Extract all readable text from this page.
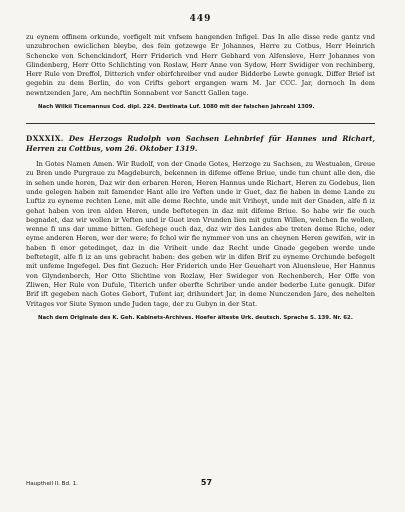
449

zu eynem offinem orkunde, vorfigelt mit vnfsem hangenden Infigel. Das In alle disse rede gantz vnd unzubrochen ewiclichen bleybe, des fein getzewge Er Johannes, Herre zu Cotbus, Herr Heinrich Schencke von Schenckindorf, Herr Friderich vnd Herr Gebhard von Alfensleve, Herr Johannes von Glindenberg, Herr Otto Schlichting von Roslaw, Herr Anne von Sydow, Herr Swidiger von rechinberg, Herr Rule von Dreffol, Ditterich vnfer obirfchreiber vnd auder Bidderbe Lewte genugk. Differ Brief ist gegebin zu dem Berlin, do von Crifts gebort ergangen warn M. Jar CCC. Jar, dornoch In dem newntzenden Jare, Am nechftin Sonnabent vor Sanctt Gallen tage.

Nach Wilkii Ticemannus Cod. dipl. 224. Destinata Luf. 1080 mit der falschen Jahrzahl 1309.

DXXXIX. Des Herzogs Rudolph von Sachsen Lehnbrief für Hannes und Richart, Herren zu Cottbus, vom 26. Oktober 1319.

In Gotes Namen Amen. Wir Rudolf, von der Gnade Gotes, Herzoge zu Sachsen, zu Westualen, Greue zu Bren unde Purgraue zu Magdeburch, bekennen in difeme offene Briue, unde tun chunt alle den, die in sehen unde horen, Daz wir den erbaren Heren, Heren Hannus unde Richart, Heren zu Godebus, lien unde gelegen haben mit famender Hant alle ire Veften unde ir Guet, daz fie haben in deme Lande zu Luftiz zu eyneme rechten Lene, mit alle deme Rechte, unde mit Vriheyt, unde mit der Gnaden, alfe fi iz gehat haben von iren alden Heren, unde beftetegen in daz mit difeme Briue. So habe wir fie ouch begnadet, daz wir wollen ir Veften und ir Guet iren Vrunden lien mit guten Willen, welchen fie wollen, wenne fi uns dar umme bitten. Gefchege ouch daz, daz wir des Landes abe treten deme Riche, oder eyme anderen Heren, wer der were; fo fchol wir fie nymmer von uns an cheynen Heren gewifen, wir in haben fi enor getedinget, daz in die Vriheit unde daz Recht unde Gnade gegeben werde unde beftetegit, alfe fi iz an uns gebracht haben: des geben wir in difen Brif zu eyneme Orchunde befegelt mit unfeme Ingefegel. Des fint Gezuch: Her Friderich unde Her Geuehart von Aluensleue, Her Hannus von Glyndenberch, Her Otto Slichtine von Rozlaw, Her Swideger von Rechenberch, Her Offe von Zliwen, Her Rule von Dufule, Titerich unfer oberfte Schriber unde ander bederbe Lute genugk. Difer Brif ift gegeben nach Gotes Gebort, Tufent iar, drihundert Jar, in deme Nunczenden Jare, des nehelten Vritages vor Siute Symon unde Juden tage, der zu Gubyn in der Stat.

Nach dem Originale des K. Geh. Kabinets-Archives. Hoefer älteste Urk. deutsch. Sprache S. 139. Nr. 62.

Hauptheil II. Bd. 1.	57
